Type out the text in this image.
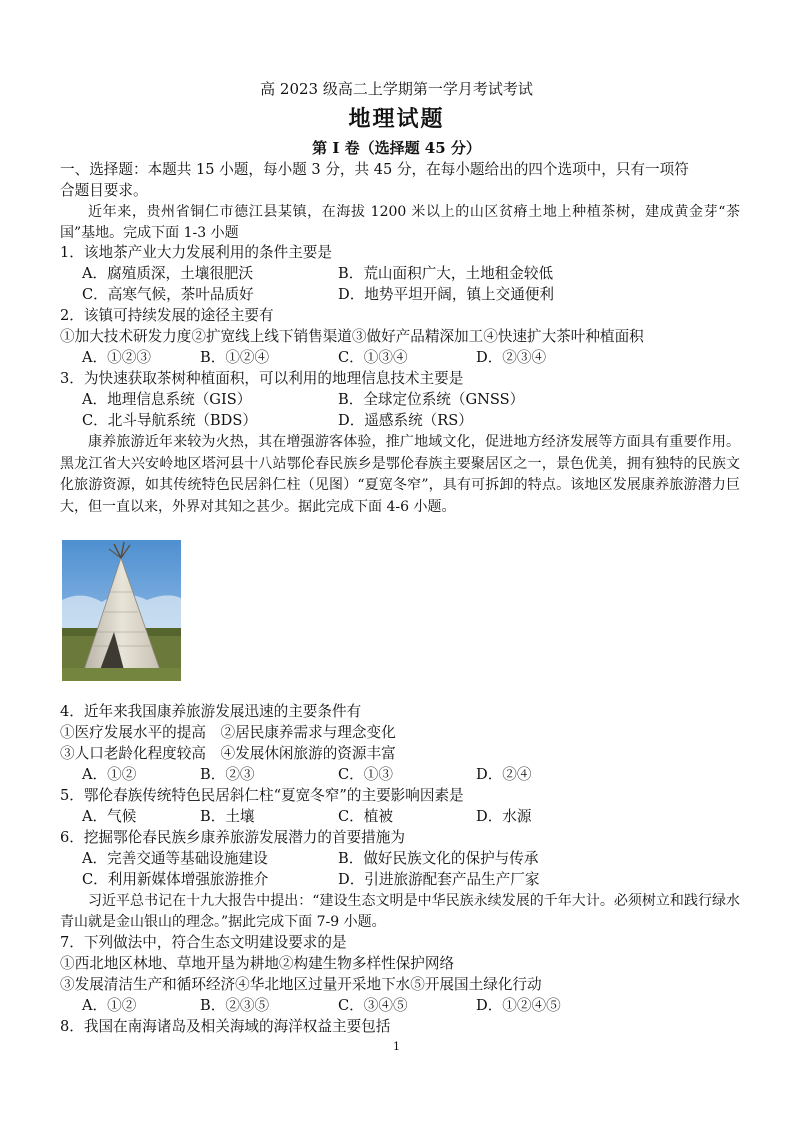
高 2023 级高二上学期第一学月考试考试
地理试题
第 I 卷（选择题 45 分）
一、选择题：本题共 15 小题，每小题 3 分，共 45 分，在每小题给出的四个选项中，只有一项符
合题目要求。
近年来，贵州省铜仁市德江县某镇，在海拔 1200 米以上的山区贫瘠土地上种植茶树，建成黄金芽“茶国”基地。完成下面 1-3 小题
1．该地茶产业大力发展利用的条件主要是
A．腐殖质深，土壤很肥沃	B．荒山面积广大，土地租金较低
C．高寒气候，茶叶品质好	D．地势平坦开阔，镇上交通便利
2．该镇可持续发展的途径主要有
①加大技术研发力度②扩宽线上线下销售渠道③做好产品精深加工④快速扩大茶叶种植面积
A．①②③	B．①②④	C．①③④	D．②③④
3．为快速获取茶树种植面积，可以利用的地理信息技术主要是
A．地理信息系统（GIS）	B．全球定位系统（GNSS）
C．北斗导航系统（BDS）	D．遥感系统（RS）
康养旅游近年来较为火热，其在增强游客体验，推广地域文化，促进地方经济发展等方面具有重要作用。黑龙江省大兴安岭地区塔河县十八站鄂伦春民族乡是鄂伦春族主要聚居区之一，景色优美，拥有独特的民族文化旅游资源，如其传统特色民居斜仁柱（见图）“夏宽冬窄”，具有可拆卸的特点。该地区发展康养旅游潜力巨大，但一直以来，外界对其知之甚少。据此完成下面 4-6 小题。
4．近年来我国康养旅游发展迅速的主要条件有
①医疗发展水平的提高　②居民康养需求与理念变化
③人口老龄化程度较高　④发展休闲旅游的资源丰富
A．①②	B．②③	C．①③	D．②④
5．鄂伦春族传统特色民居斜仁柱“夏宽冬窄”的主要影响因素是
A．气候	B．土壤	C．植被	D．水源
6．挖掘鄂伦春民族乡康养旅游发展潜力的首要措施为
A．完善交通等基础设施建设	B．做好民族文化的保护与传承
C．利用新媒体增强旅游推介	D．引进旅游配套产品生产厂家
习近平总书记在十九大报告中提出：“建设生态文明是中华民族永续发展的千年大计。必须树立和践行绿水青山就是金山银山的理念。”据此完成下面 7-9 小题。
7．下列做法中，符合生态文明建设要求的是
①西北地区林地、草地开垦为耕地②构建生物多样性保护网络
③发展清洁生产和循环经济④华北地区过量开采地下水⑤开展国土绿化行动
A．①②	B．②③⑤	C．③④⑤	D．①②④⑤
8．我国在南海诸岛及相关海域的海洋权益主要包括
1
